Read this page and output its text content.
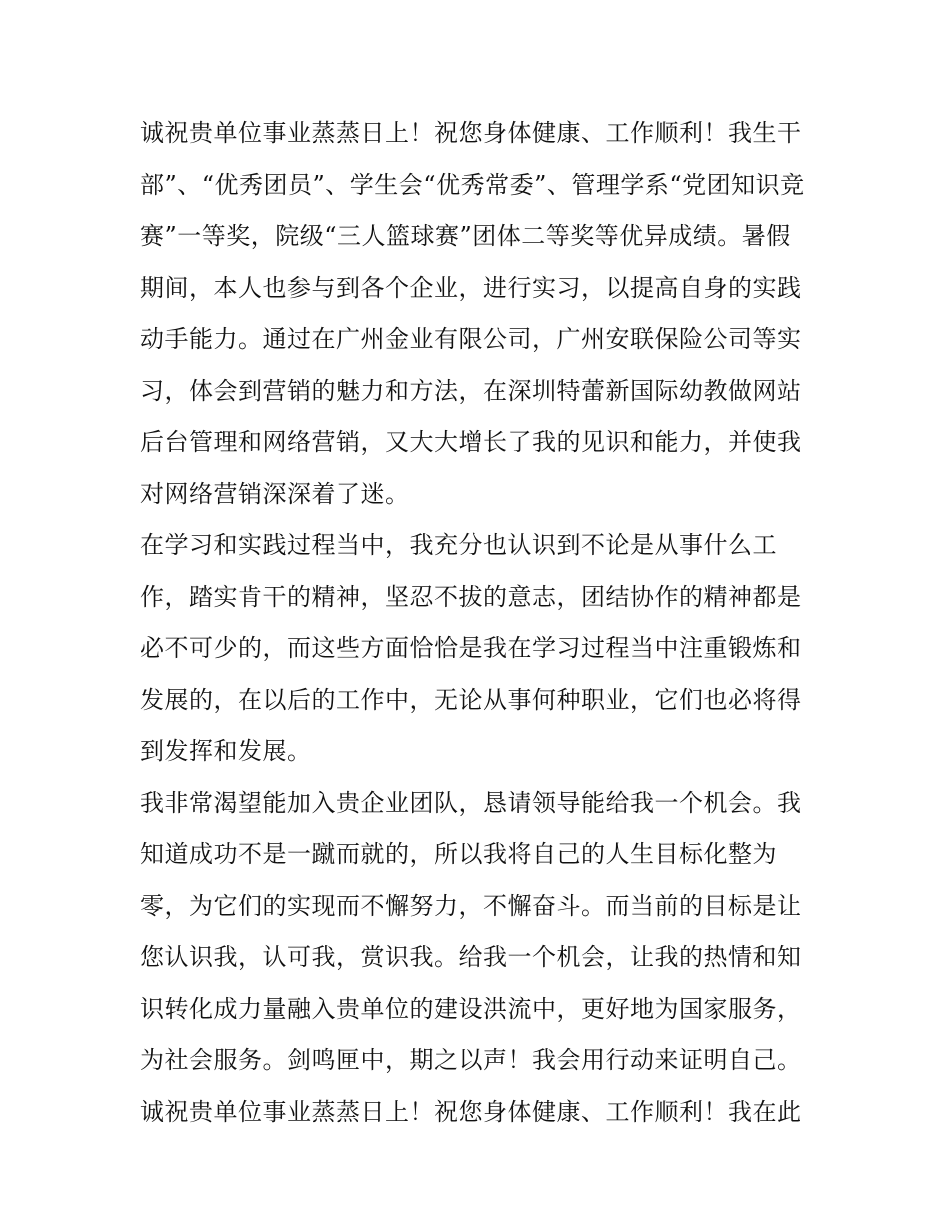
诚祝贵单位事业蒸蒸日上！祝您身体健康、工作顺利！我生干
部”、“优秀团员”、学生会“优秀常委”、管理学系“党团知识竞
赛”一等奖，院级“三人篮球赛”团体二等奖等优异成绩。暑假
期间，本人也参与到各个企业，进行实习，以提高自身的实践
动手能力。通过在广州金业有限公司，广州安联保险公司等实
习，体会到营销的魅力和方法，在深圳特蕾新国际幼教做网站
后台管理和网络营销，又大大增长了我的见识和能力，并使我
对网络营销深深着了迷。
在学习和实践过程当中，我充分也认识到不论是从事什么工
作，踏实肯干的精神，坚忍不拔的意志，团结协作的精神都是
必不可少的，而这些方面恰恰是我在学习过程当中注重锻炼和
发展的，在以后的工作中，无论从事何种职业，它们也必将得
到发挥和发展。
我非常渴望能加入贵企业团队，恳请领导能给我一个机会。我
知道成功不是一蹴而就的，所以我将自己的人生目标化整为
零，为它们的实现而不懈努力，不懈奋斗。而当前的目标是让
您认识我，认可我，赏识我。给我一个机会，让我的热情和知
识转化成力量融入贵单位的建设洪流中，更好地为国家服务，
为社会服务。剑鸣匣中，期之以声！我会用行动来证明自己。
诚祝贵单位事业蒸蒸日上！祝您身体健康、工作顺利！我在此
